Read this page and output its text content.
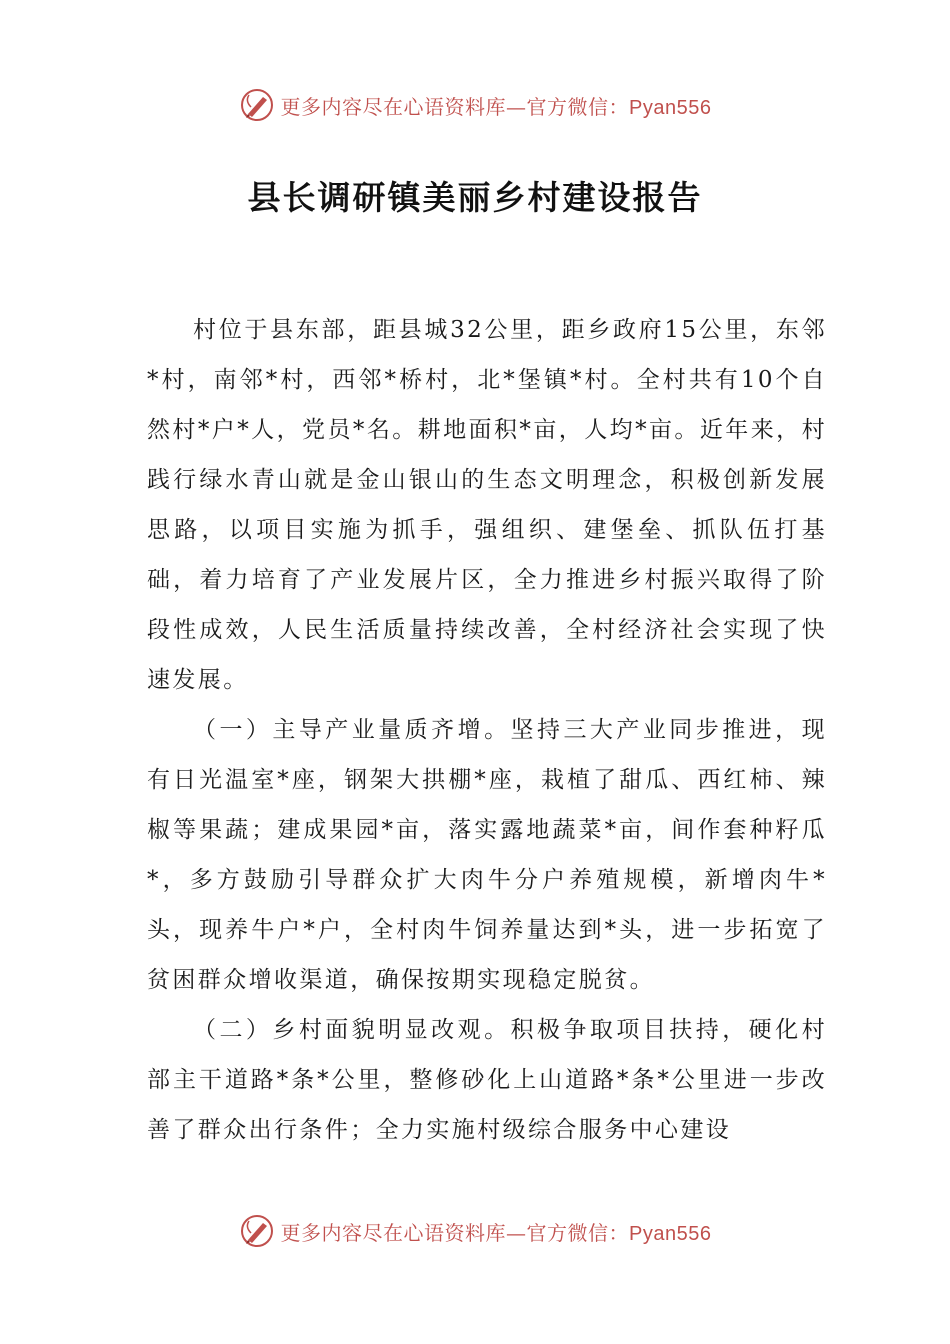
更多内容尽在心语资料库—官方微信：Pyan556
县长调研镇美丽乡村建设报告

村位于县东部，距县城32公里，距乡政府15公里，东邻*村，南邻*村，西邻*桥村，北*堡镇*村。全村共有10个自然村*户*人，党员*名。耕地面积*亩，人均*亩。近年来，村践行绿水青山就是金山银山的生态文明理念，积极创新发展思路，以项目实施为抓手，强组织、建堡垒、抓队伍打基础，着力培育了产业发展片区，全力推进乡村振兴取得了阶段性成效，人民生活质量持续改善，全村经济社会实现了快速发展。

（一）主导产业量质齐增。坚持三大产业同步推进，现有日光温室*座，钢架大拱棚*座，栽植了甜瓜、西红柿、辣椒等果蔬；建成果园*亩，落实露地蔬菜*亩，间作套种籽瓜*，多方鼓励引导群众扩大肉牛分户养殖规模，新增肉牛*头，现养牛户*户，全村肉牛饲养量达到*头，进一步拓宽了贫困群众增收渠道，确保按期实现稳定脱贫。

（二）乡村面貌明显改观。积极争取项目扶持，硬化村部主干道路*条*公里，整修砂化上山道路*条*公里进一步改善了群众出行条件；全力实施村级综合服务中心建设

更多内容尽在心语资料库—官方微信：Pyan556
